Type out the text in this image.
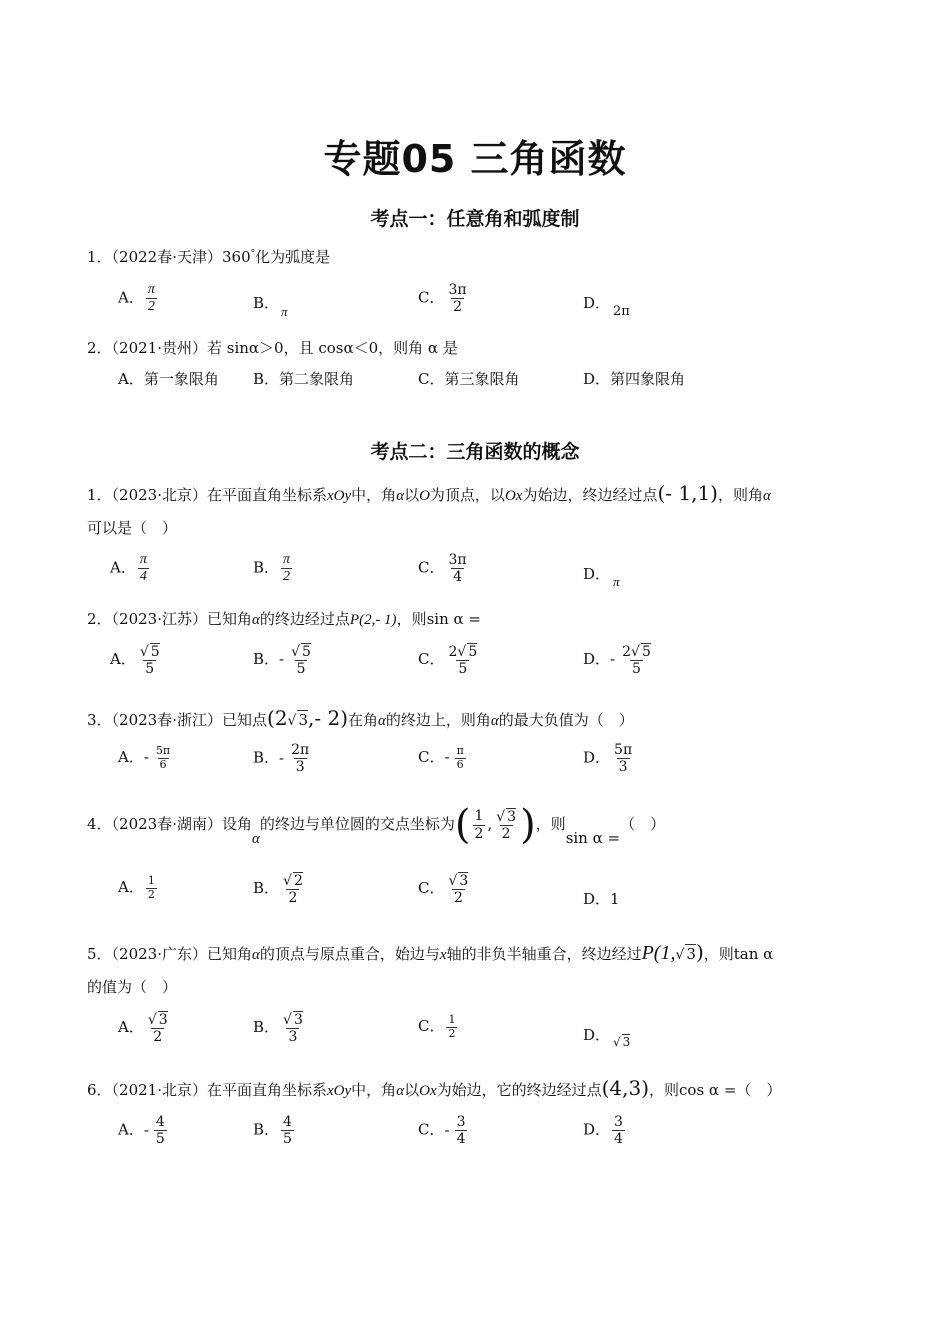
专题05 三角函数
考点一：任意角和弧度制
1．（2022春·天津）360°化为弧度是
A． $\frac{\pi}{2}$	B． π
C． $\frac{3\pi}{2}$	D． 2π
2．（2021·贵州）若 sinα＞0，且 cosα＜0，则角 α 是
A．第一象限角 B．第二象限角	C．第三象限角	D．第四象限角
考点二：三角函数的概念
1．（2023·北京）在平面直角坐标系xOy中，角α以O为顶点，以Ox为始边，终边经过点(- 1,1)，则角α
可以是（　）
A． $\frac{\pi}{4}$	B． $\frac{\pi}{2}$	C． $\frac{3\pi}{4}$	D． π
2．（2023·江苏）已知角α的终边经过点P(2,- 1)，则sin α =
A． $\frac{√ 5}{5}$	B．- $\frac{√ 5}{5}$	C． $\frac{2√ 5}{5}$	D．- $\frac{2√ 5}{5}$
3．（2023春·浙江）已知点(2√ 3,- 2)在角α的终边上，则角α的最大负值为（　）
A．- $\frac{5\pi}{6}$	B．- $\frac{2\pi}{3}$	C．- $\frac{\pi}{6}$	D． $\frac{5\pi}{3}$
4．（2023春·湖南）设角α的终边与单位圆的交点坐标为( $\frac{1}{2}$ , $\frac{√ 3}{2}$ )，则sin α =（　）
A． $\frac{1}{2}$	B． $\frac{√ 2}{2}$	C． $\frac{√ 3}{2}$	D．1
5．（2023·广东）已知角α的顶点与原点重合，始边与x轴的非负半轴重合，终边经过P(1,√ 3)，则tan α
的值为（　）
A． $\frac{√ 3}{2}$	B． $\frac{√ 3}{3}$	C． $\frac{1}{2}$	D． √ 3
6．（2021·北京）在平面直角坐标系xOy中，角α以Ox为始边，它的终边经过点(4,3)，则cos α =（　）
A．- $\frac{4}{5}$	B． $\frac{4}{5}$	C．- $\frac{3}{4}$	D． $\frac{3}{4}$
